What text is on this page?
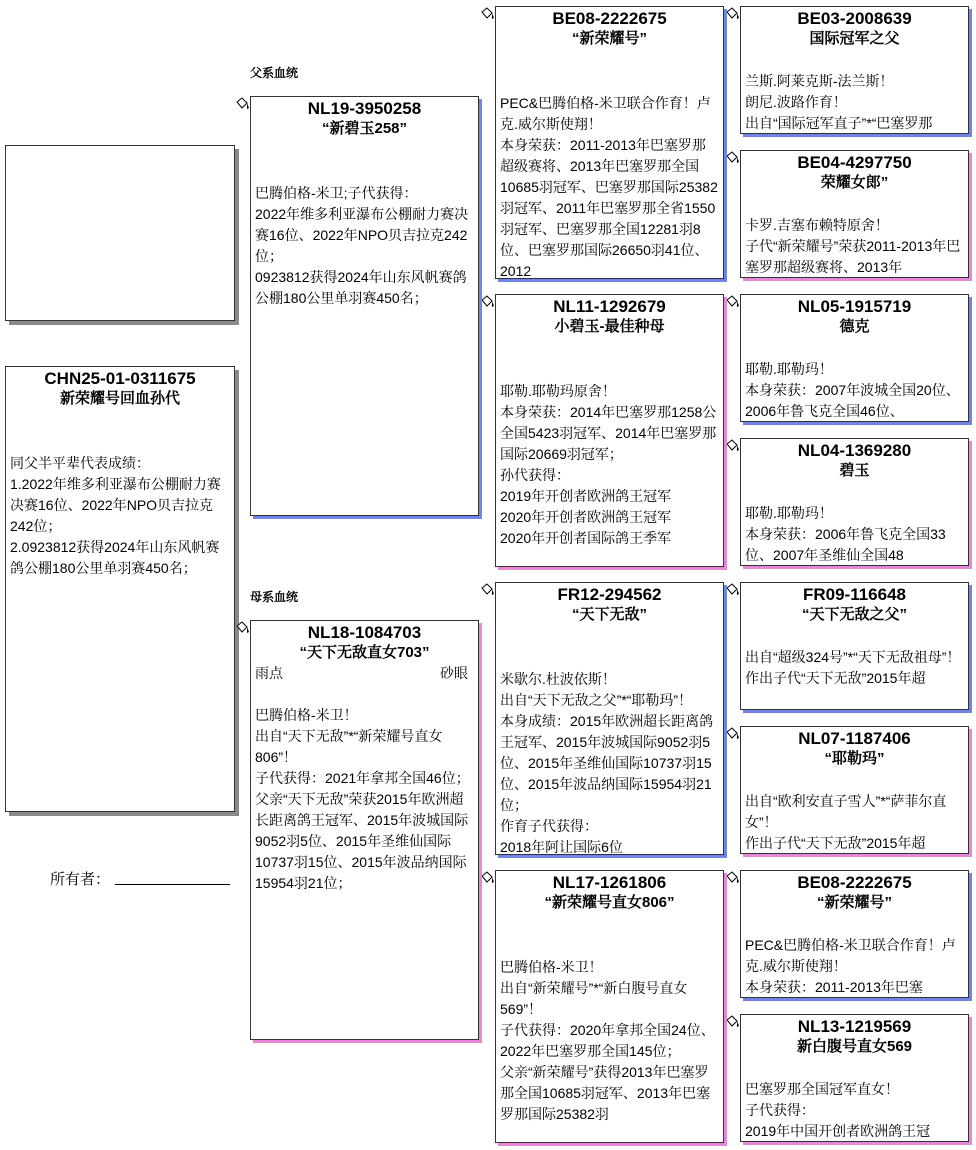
CHN25-01-0311675
新荣耀号回血孙代

同父半平辈代表成绩：

1.2022年维多利亚瀑布公棚耐力赛决赛16位、2022年NPO贝吉拉克242位；

2.0923812获得2024年山东风帆赛鸽公棚180公里单羽赛450名；

所有者：
父系血统
母系血统
NL19-3950258
“新碧玉258”

巴腾伯格-米卫;子代获得：

2022年维多利亚瀑布公棚耐力赛决赛16位、2022年NPO贝吉拉克242位；

0923812获得2024年山东风帆赛鸽公棚180公里单羽赛450名；

NL18-1084703
“天下无敌直女703”
雨点	砂眼

巴腾伯格-米卫！

出自“天下无敌”*“新荣耀号直女806”！

子代获得：2021年拿邦全国46位；

父亲“天下无敌”荣获2015年欧洲超长距离鸽王冠军、2015年波城国际9052羽5位、2015年圣维仙国际10737羽15位、2015年波品纳国际15954羽21位；

BE08-2222675
“新荣耀号”

PEC&巴腾伯格-米卫联合作育！卢克.威尔斯使翔！

本身荣获：2011-2013年巴塞罗那超级赛将、2013年巴塞罗那全国10685羽冠军、巴塞罗那国际25382羽冠军、2011年巴塞罗那全省1550羽冠军、巴塞罗那全国12281羽8位、巴塞罗那国际26650羽41位、2012

NL11-1292679
小碧玉-最佳种母

耶勒.耶勒玛原舍！

本身荣获：2014年巴塞罗那1258公全国5423羽冠军、2014年巴塞罗那国际20669羽冠军；

孙代获得：

2019年开创者欧洲鸽王冠军

2020年开创者欧洲鸽王冠军

2020年开创者国际鸽王季军

FR12-294562
“天下无敌”

米歇尔.杜波依斯！

出自“天下无敌之父”*“耶勒玛”！

本身成绩：2015年欧洲超长距离鸽王冠军、2015年波城国际9052羽5位、2015年圣维仙国际10737羽15位、2015年波品纳国际15954羽21位；

作育子代获得：

2018年阿让国际6位

NL17-1261806
“新荣耀号直女806”

巴腾伯格-米卫！

出自“新荣耀号”*“新白腹号直女569”！

子代获得：2020年拿邦全国24位、2022年巴塞罗那全国145位；

父亲“新荣耀号”获得2013年巴塞罗那全国10685羽冠军、2013年巴塞罗那国际25382羽

BE03-2008639
国际冠军之父

兰斯.阿莱克斯-法兰斯！

朗尼.波路作育！

出自“国际冠军直子”*“巴塞罗那

BE04-4297750
荣耀女郎”

卡罗.吉塞布赖特原舍！

子代“新荣耀号”荣获2011-2013年巴塞罗那超级赛将、2013年

NL05-1915719
德克

耶勒.耶勒玛！

本身荣获：2007年波城全国20位、2006年鲁飞克全国46位、

NL04-1369280
碧玉

耶勒.耶勒玛！

本身荣获：2006年鲁飞克全国33位、2007年圣维仙全国48

FR09-116648
“天下无敌之父”

出自“超级324号”*“天下无敌祖母”！

作出子代“天下无敌”2015年超

NL07-1187406
“耶勒玛”

出自“欧利安直子雪人”*“萨菲尔直女”！

作出子代“天下无敌”2015年超

BE08-2222675
“新荣耀号”

PEC&巴腾伯格-米卫联合作育！卢克.威尔斯使翔！

本身荣获：2011-2013年巴塞

NL13-1219569
新白腹号直女569

巴塞罗那全国冠军直女！

子代获得：

2019年中国开创者欧洲鸽王冠
